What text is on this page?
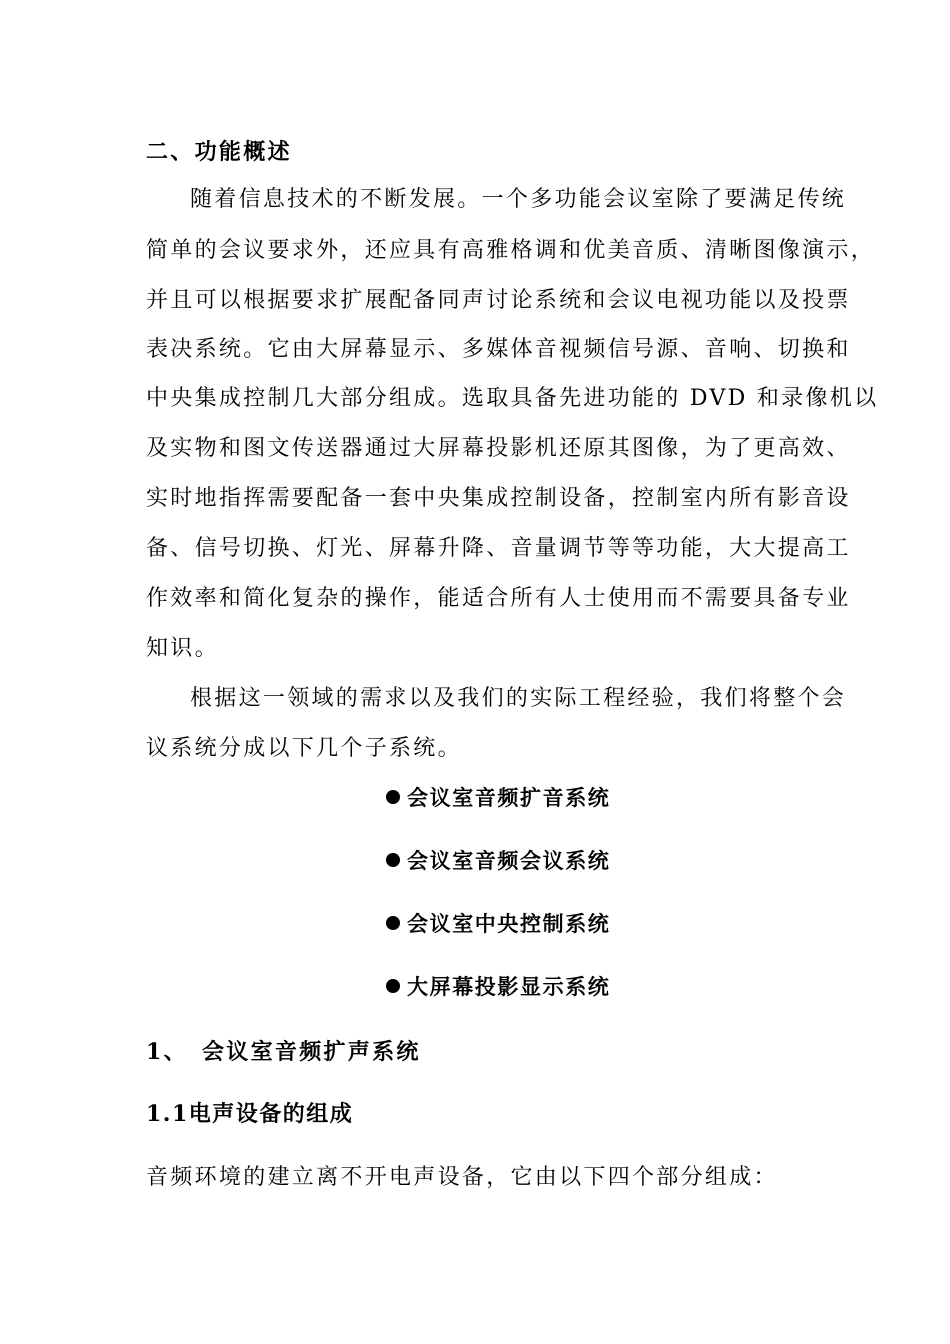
二、功能概述
随着信息技术的不断发展。一个多功能会议室除了要满足传统
简单的会议要求外，还应具有高雅格调和优美音质、清晰图像演示，
并且可以根据要求扩展配备同声讨论系统和会议电视功能以及投票
表决系统。它由大屏幕显示、多媒体音视频信号源、音响、切换和
中央集成控制几大部分组成。选取具备先进功能的 DVD 和录像机以
及实物和图文传送器通过大屏幕投影机还原其图像，为了更高效、
实时地指挥需要配备一套中央集成控制设备，控制室内所有影音设
备、信号切换、灯光、屏幕升降、音量调节等等功能，大大提高工
作效率和简化复杂的操作，能适合所有人士使用而不需要具备专业
知识。
根据这一领域的需求以及我们的实际工程经验，我们将整个会
议系统分成以下几个子系统。
会议室音频扩音系统
会议室音频会议系统
会议室中央控制系统
大屏幕投影显示系统
1、 会议室音频扩声系统
1.1电声设备的组成
音频环境的建立离不开电声设备，它由以下四个部分组成：
